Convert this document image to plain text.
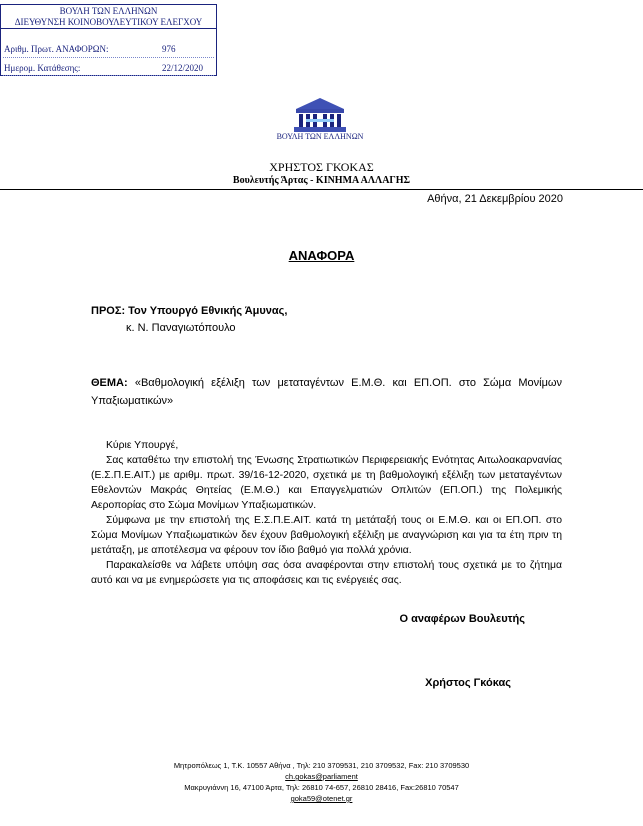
ΒΟΥΛΗ ΤΩΝ ΕΛΛΗΝΩΝ
ΔΙΕΥΘΥΝΣΗ ΚΟΙΝΟΒΟΥΛΕΥΤΙΚΟΥ ΕΛΕΓΧΟΥ
Αριθμ. Πρωτ. ΑΝΑΦΟΡΩΝ:	976
Ημερομ. Κατάθεσης:	22/12/2020
ΒΟΥΛΗ ΤΩΝ ΕΛΛΗΝΩΝ
ΧΡΗΣΤΟΣ ΓΚΟΚΑΣ
Βουλευτής Άρτας - ΚΙΝΗΜΑ ΑΛΛΑΓΗΣ
Αθήνα, 21 Δεκεμβρίου 2020
ΑΝΑΦΟΡΑ
ΠΡΟΣ: Τον Υπουργό Εθνικής Άμυνας,
κ. Ν. Παναγιωτόπουλο
ΘΕΜΑ: «Βαθμολογική εξέλιξη των μεταταγέντων Ε.Μ.Θ. και ΕΠ.ΟΠ. στο Σώμα Μονίμων Υπαξιωματικών»

Κύριε Υπουργέ,

Σας καταθέτω την επιστολή της Ένωσης Στρατιωτικών Περιφερειακής Ενότητας Αιτωλοακαρνανίας (Ε.Σ.Π.Ε.ΑΙΤ.) με αριθμ. πρωτ. 39/16-12-2020, σχετικά με τη βαθμολογική εξέλιξη των μεταταγέντων Εθελοντών Μακράς Θητείας (Ε.Μ.Θ.) και Επαγγελματιών Οπλιτών (ΕΠ.ΟΠ.) της Πολεμικής Αεροπορίας στο Σώμα Μονίμων Υπαξιωματικών.

Σύμφωνα με την επιστολή της Ε.Σ.Π.Ε.ΑΙΤ. κατά τη μετάταξή τους οι Ε.Μ.Θ. και οι ΕΠ.ΟΠ. στο Σώμα Μονίμων Υπαξιωματικών δεν έχουν βαθμολογική εξέλιξη με αναγνώριση και για τα έτη πριν τη μετάταξη, με αποτέλεσμα να φέρουν τον ίδιο βαθμό για πολλά χρόνια.

Παρακαλείσθε να λάβετε υπόψη σας όσα αναφέρονται στην επιστολή τους σχετικά με το ζήτημα αυτό και να με ενημερώσετε για τις αποφάσεις και τις ενέργειές σας.

Ο αναφέρων Βουλευτής
Χρήστος Γκόκας
Μητροπόλεως 1, Τ.Κ. 10557 Αθήνα , Τηλ: 210 3709531, 210 3709532, Fax: 210 3709530
ch.gokas@parliament
Μακρυγιάννη 16, 47100 Άρτα, Τηλ: 26810 74-657, 26810 28416, Fax:26810 70547
goka59@otenet.gr
